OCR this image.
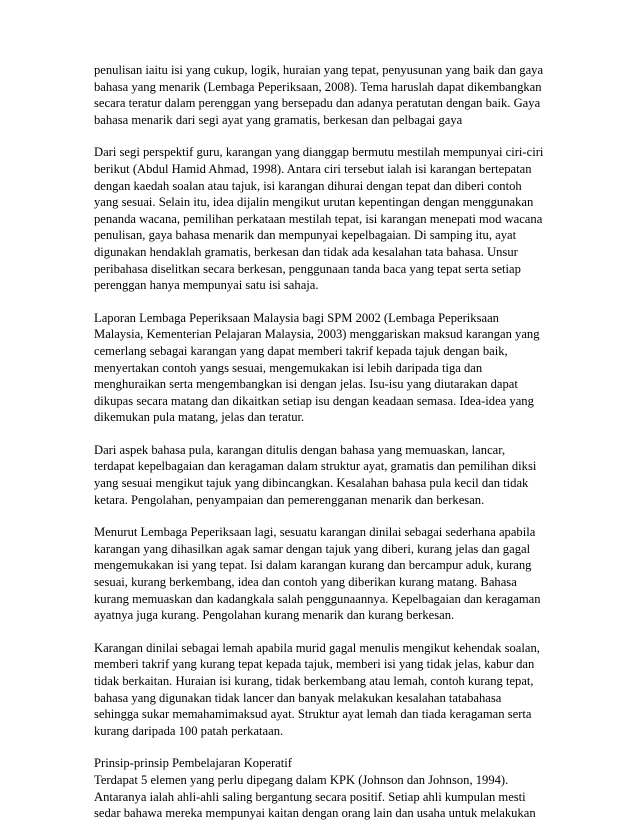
penulisan iaitu isi yang cukup, logik, huraian yang tepat, penyusunan yang baik dan gaya
bahasa yang menarik (Lembaga Peperiksaan, 2008). Tema haruslah dapat dikembangkan
secara teratur dalam perenggan yang bersepadu dan adanya peratutan dengan baik. Gaya
bahasa menarik dari segi ayat yang gramatis, berkesan dan pelbagai gaya

Dari segi perspektif guru, karangan yang dianggap bermutu mestilah mempunyai ciri-ciri
berikut (Abdul Hamid Ahmad, 1998). Antara ciri tersebut ialah isi karangan bertepatan
dengan kaedah soalan atau tajuk, isi karangan dihurai dengan tepat dan diberi contoh
yang sesuai. Selain itu, idea dijalin mengikut urutan kepentingan dengan menggunakan
penanda wacana, pemilihan perkataan mestilah tepat, isi karangan menepati mod wacana
penulisan, gaya bahasa menarik dan mempunyai kepelbagaian. Di samping itu, ayat
digunakan hendaklah gramatis, berkesan dan tidak ada kesalahan tata bahasa. Unsur
peribahasa diselitkan secara berkesan, penggunaan tanda baca yang tepat serta setiap
perenggan hanya mempunyai satu isi sahaja.

Laporan Lembaga Peperiksaan Malaysia bagi SPM 2002 (Lembaga Peperiksaan
Malaysia, Kementerian Pelajaran Malaysia, 2003) menggariskan maksud karangan yang
cemerlang sebagai karangan yang dapat memberi takrif kepada tajuk dengan baik,
menyertakan contoh yangs sesuai, mengemukakan isi lebih daripada tiga dan
menghuraikan serta mengembangkan isi dengan jelas. Isu-isu yang diutarakan dapat
dikupas secara matang dan dikaitkan setiap isu dengan keadaan semasa. Idea-idea yang
dikemukan pula matang, jelas dan teratur.

Dari aspek bahasa pula, karangan ditulis dengan bahasa yang memuaskan, lancar,
terdapat kepelbagaian dan keragaman dalam struktur ayat, gramatis dan pemilihan diksi
yang sesuai mengikut tajuk yang dibincangkan. Kesalahan bahasa pula kecil dan tidak
ketara. Pengolahan, penyampaian dan pemerengganan menarik dan berkesan.

Menurut Lembaga Peperiksaan lagi, sesuatu karangan dinilai sebagai sederhana apabila
karangan yang dihasilkan agak samar dengan tajuk yang diberi, kurang jelas dan gagal
mengemukakan isi yang tepat. Isi dalam karangan kurang dan bercampur aduk, kurang
sesuai, kurang berkembang, idea dan contoh yang diberikan kurang matang. Bahasa
kurang memuaskan dan kadangkala salah penggunaannya. Kepelbagaian dan keragaman
ayatnya juga kurang. Pengolahan kurang menarik dan kurang berkesan.

Karangan dinilai sebagai lemah apabila murid gagal menulis mengikut kehendak soalan,
memberi takrif yang kurang tepat kepada tajuk, memberi isi yang tidak jelas, kabur dan
tidak berkaitan. Huraian isi kurang, tidak berkembang atau lemah, contoh kurang tepat,
bahasa yang digunakan tidak lancer dan banyak melakukan kesalahan tatabahasa
sehingga sukar memahamimaksud ayat. Struktur ayat lemah dan tiada keragaman serta
kurang daripada 100 patah perkataan.

Prinsip-prinsip Pembelajaran Koperatif
Terdapat 5 elemen yang perlu dipegang dalam KPK (Johnson dan Johnson, 1994).
Antaranya ialah ahli-ahli saling bergantung secara positif. Setiap ahli kumpulan mesti
sedar bahawa mereka mempunyai kaitan dengan orang lain dan usaha untuk melakukan
